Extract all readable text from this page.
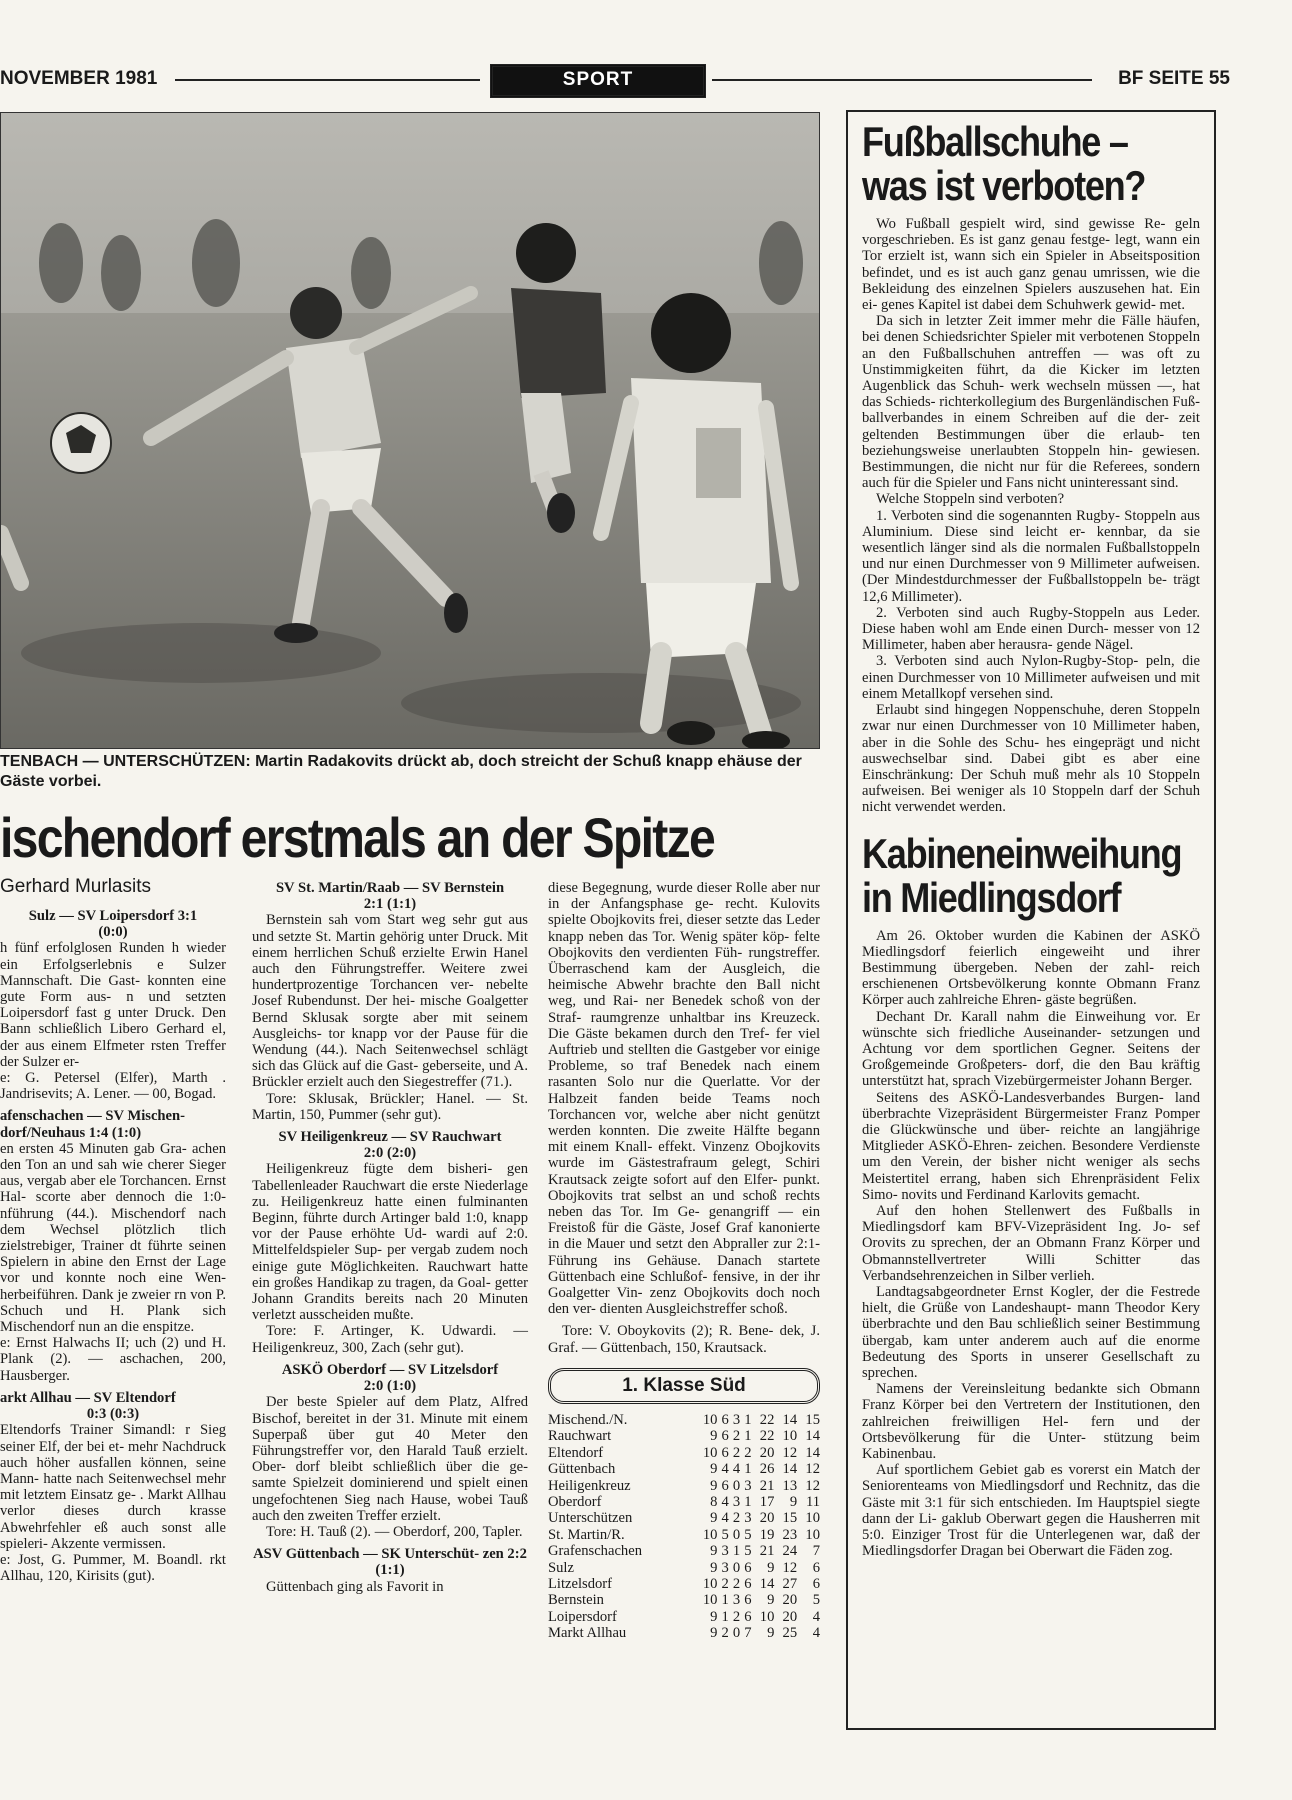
NOVEMBER 1981	SPORT	BF SEITE 55
TENBACH — UNTERSCHÜTZEN: Martin Radakovits drückt ab, doch streicht der Schuß knapp ehäuse der Gäste vorbei.
ischendorf erstmals an der Spitze

Gerhard Murlasits

Sulz — SV Loipersdorf 3:1

(0:0)

h fünf erfolglosen Runden h wieder ein Erfolgserlebnis e Sulzer Mannschaft. Die Gast- konnten eine gute Form aus- n und setzten Loipersdorf fast g unter Druck. Den Bann schließlich Libero Gerhard el, der aus einem Elfmeter rsten Treffer der Sulzer er-

e: G. Petersel (Elfer), Marth . Jandrisevits; A. Lener. — 00, Bogad.

afenschachen — SV Mischen- dorf/Neuhaus 1:4 (1:0)

en ersten 45 Minuten gab Gra- achen den Ton an und sah wie cherer Sieger aus, vergab aber ele Torchancen. Ernst Hal- scorte aber dennoch die 1:0- nführung (44.). Mischendorf nach dem Wechsel plötzlich tlich zielstrebiger, Trainer dt führte seinen Spielern in abine den Ernst der Lage vor und konnte noch eine Wen- herbeiführen. Dank je zweier rn von P. Schuch und H. Plank sich Mischendorf nun an die enspitze.

e: Ernst Halwachs II; uch (2) und H. Plank (2). — aschachen, 200, Hausberger.

arkt Allhau — SV Eltendorf

0:3 (0:3)

Eltendorfs Trainer Simandl: r Sieg seiner Elf, der bei et- mehr Nachdruck auch höher ausfallen können, seine Mann- hatte nach Seitenwechsel mehr mit letztem Einsatz ge- . Markt Allhau verlor dieses durch krasse Abwehrfehler eß auch sonst alle spieleri- Akzente vermissen.

e: Jost, G. Pummer, M. Boandl. rkt Allhau, 120, Kirisits (gut).

SV St. Martin/Raab — SV Bernstein

2:1 (1:1)

Bernstein sah vom Start weg sehr gut aus und setzte St. Martin gehörig unter Druck. Mit einem herrlichen Schuß erzielte Erwin Hanel auch den Führungstreffer. Weitere zwei hundertprozentige Torchancen ver- nebelte Josef Rubendunst. Der hei- mische Goalgetter Bernd Sklusak sorgte aber mit seinem Ausgleichs- tor knapp vor der Pause für die Wendung (44.). Nach Seitenwechsel schlägt sich das Glück auf die Gast- geberseite, und A. Brückler erzielt auch den Siegestreffer (71.).

Tore: Sklusak, Brückler; Hanel. — St. Martin, 150, Pummer (sehr gut).

SV Heiligenkreuz — SV Rauchwart

2:0 (2:0)

Heiligenkreuz fügte dem bisheri- gen Tabellenleader Rauchwart die erste Niederlage zu. Heiligenkreuz hatte einen fulminanten Beginn, führte durch Artinger bald 1:0, knapp vor der Pause erhöhte Ud- wardi auf 2:0. Mittelfeldspieler Sup- per vergab zudem noch einige gute Möglichkeiten. Rauchwart hatte ein großes Handikap zu tragen, da Goal- getter Johann Grandits bereits nach 20 Minuten verletzt ausscheiden mußte.

Tore: F. Artinger, K. Udwardi. — Heiligenkreuz, 300, Zach (sehr gut).

ASKÖ Oberdorf — SV Litzelsdorf

2:0 (1:0)

Der beste Spieler auf dem Platz, Alfred Bischof, bereitet in der 31. Minute mit einem Superpaß über gut 40 Meter den Führungstreffer vor, den Harald Tauß erzielt. Ober- dorf bleibt schließlich über die ge- samte Spielzeit dominierend und spielt einen ungefochtenen Sieg nach Hause, wobei Tauß auch den zweiten Treffer erzielt.

Tore: H. Tauß (2). — Oberdorf, 200, Tapler.

ASV Güttenbach — SK Unterschüt- zen 2:2 (1:1)

Güttenbach ging als Favorit in

diese Begegnung, wurde dieser Rolle aber nur in der Anfangsphase ge- recht. Kulovits spielte Obojkovits frei, dieser setzte das Leder knapp neben das Tor. Wenig später köp- felte Obojkovits den verdienten Füh- rungstreffer. Überraschend kam der Ausgleich, die heimische Abwehr brachte den Ball nicht weg, und Rai- ner Benedek schoß von der Straf- raumgrenze unhaltbar ins Kreuzeck. Die Gäste bekamen durch den Tref- fer viel Auftrieb und stellten die Gastgeber vor einige Probleme, so traf Benedek nach einem rasanten Solo nur die Querlatte. Vor der Halbzeit fanden beide Teams noch Torchancen vor, welche aber nicht genützt werden konnten. Die zweite Hälfte begann mit einem Knall- effekt. Vinzenz Obojkovits wurde im Gästestrafraum gelegt, Schiri Krautsack zeigte sofort auf den Elfer- punkt. Obojkovits trat selbst an und schoß rechts neben das Tor. Im Ge- genangriff — ein Freistoß für die Gäste, Josef Graf kanonierte in die Mauer und setzt den Abpraller zur 2:1-Führung ins Gehäuse. Danach startete Güttenbach eine Schlußof- fensive, in der ihr Goalgetter Vin- zenz Obojkovits doch noch den ver- dienten Ausgleichstreffer schoß.

Tore: V. Oboykovits (2); R. Bene- dek, J. Graf. — Güttenbach, 150, Krautsack.

1. Klasse Süd
Mischend./N.	10	6	3	1	22	14	15
Rauchwart	9	6	2	1	22	10	14
Eltendorf	10	6	2	2	20	12	14
Güttenbach	9	4	4	1	26	14	12
Heiligenkreuz	9	6	0	3	21	13	12
Oberdorf	8	4	3	1	17	9	11
Unterschützen	9	4	2	3	20	15	10
St. Martin/R.	10	5	0	5	19	23	10
Grafenschachen	9	3	1	5	21	24	7
Sulz	9	3	0	6	9	12	6
Litzelsdorf	10	2	2	6	14	27	6
Bernstein	10	1	3	6	9	20	5
Loipersdorf	9	1	2	6	10	20	4
Markt Allhau	9	2	0	7	9	25	4
Fußballschuhe – was ist verboten?

Wo Fußball gespielt wird, sind gewisse Re- geln vorgeschrieben. Es ist ganz genau festge- legt, wann ein Tor erzielt ist, wann sich ein Spieler in Abseitsposition befindet, und es ist auch ganz genau umrissen, wie die Bekleidung des einzelnen Spielers auszusehen hat. Ein ei- genes Kapitel ist dabei dem Schuhwerk gewid- met.

Da sich in letzter Zeit immer mehr die Fälle häufen, bei denen Schiedsrichter Spieler mit verbotenen Stoppeln an den Fußballschuhen antreffen — was oft zu Unstimmigkeiten führt, da die Kicker im letzten Augenblick das Schuh- werk wechseln müssen —, hat das Schieds- richterkollegium des Burgenländischen Fuß- ballverbandes in einem Schreiben auf die der- zeit geltenden Bestimmungen über die erlaub- ten beziehungsweise unerlaubten Stoppeln hin- gewiesen. Bestimmungen, die nicht nur für die Referees, sondern auch für die Spieler und Fans nicht uninteressant sind.

Welche Stoppeln sind verboten?

1. Verboten sind die sogenannten Rugby- Stoppeln aus Aluminium. Diese sind leicht er- kennbar, da sie wesentlich länger sind als die normalen Fußballstoppeln und nur einen Durchmesser von 9 Millimeter aufweisen. (Der Mindestdurchmesser der Fußballstoppeln be- trägt 12,6 Millimeter).

2. Verboten sind auch Rugby-Stoppeln aus Leder. Diese haben wohl am Ende einen Durch- messer von 12 Millimeter, haben aber herausra- gende Nägel.

3. Verboten sind auch Nylon-Rugby-Stop- peln, die einen Durchmesser von 10 Millimeter aufweisen und mit einem Metallkopf versehen sind.

Erlaubt sind hingegen Noppenschuhe, deren Stoppeln zwar nur einen Durchmesser von 10 Millimeter haben, aber in die Sohle des Schu- hes eingeprägt und nicht auswechselbar sind. Dabei gibt es aber eine Einschränkung: Der Schuh muß mehr als 10 Stoppeln aufweisen. Bei weniger als 10 Stoppeln darf der Schuh nicht verwendet werden.

Kabineneinweihung in Miedlingsdorf

Am 26. Oktober wurden die Kabinen der ASKÖ Miedlingsdorf feierlich eingeweiht und ihrer Bestimmung übergeben. Neben der zahl- reich erschienenen Ortsbevölkerung konnte Obmann Franz Körper auch zahlreiche Ehren- gäste begrüßen.

Dechant Dr. Karall nahm die Einweihung vor. Er wünschte sich friedliche Auseinander- setzungen und Achtung vor dem sportlichen Gegner. Seitens der Großgemeinde Großpeters- dorf, die den Bau kräftig unterstützt hat, sprach Vizebürgermeister Johann Berger.

Seitens des ASKÖ-Landesverbandes Burgen- land überbrachte Vizepräsident Bürgermeister Franz Pomper die Glückwünsche und über- reichte an langjährige Mitglieder ASKÖ-Ehren- zeichen. Besondere Verdienste um den Verein, der bisher nicht weniger als sechs Meistertitel errang, haben sich Ehrenpräsident Felix Simo- novits und Ferdinand Karlovits gemacht.

Auf den hohen Stellenwert des Fußballs in Miedlingsdorf kam BFV-Vizepräsident Ing. Jo- sef Orovits zu sprechen, der an Obmann Franz Körper und Obmannstellvertreter Willi Schitter das Verbandsehrenzeichen in Silber verlieh.

Landtagsabgeordneter Ernst Kogler, der die Festrede hielt, die Grüße von Landeshaupt- mann Theodor Kery überbrachte und den Bau schließlich seiner Bestimmung übergab, kam unter anderem auch auf die enorme Bedeutung des Sports in unserer Gesellschaft zu sprechen.

Namens der Vereinsleitung bedankte sich Obmann Franz Körper bei den Vertretern der Institutionen, den zahlreichen freiwilligen Hel- fern und der Ortsbevölkerung für die Unter- stützung beim Kabinenbau.

Auf sportlichem Gebiet gab es vorerst ein Match der Seniorenteams von Miedlingsdorf und Rechnitz, das die Gäste mit 3:1 für sich entschieden. Im Hauptspiel siegte dann der Li- gaklub Oberwart gegen die Hausherren mit 5:0. Einziger Trost für die Unterlegenen war, daß der Miedlingsdorfer Dragan bei Oberwart die Fäden zog.
